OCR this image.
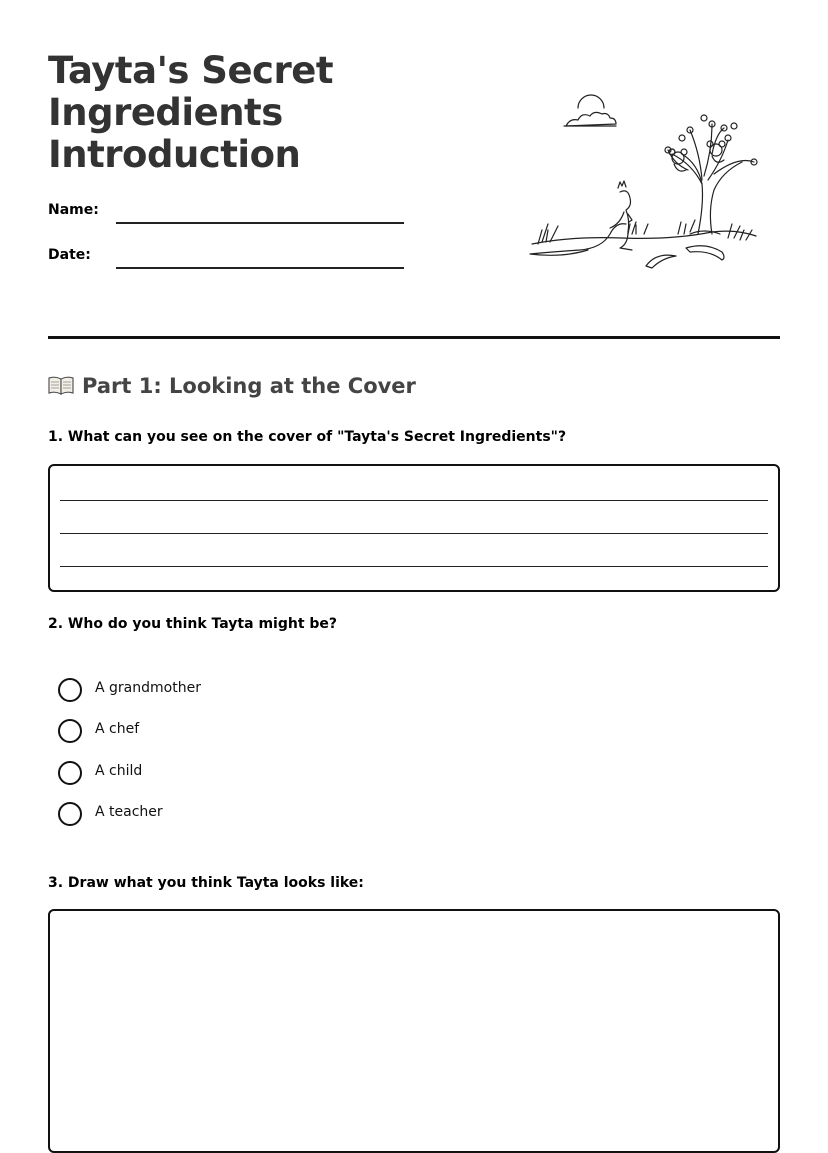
Tayta's Secret
Ingredients
Introduction
Name:
Date:
Part 1: Looking at the Cover
1. What can you see on the cover of "Tayta's Secret Ingredients"?
2. Who do you think Tayta might be?
A grandmother
A chef
A child
A teacher
3. Draw what you think Tayta looks like:
